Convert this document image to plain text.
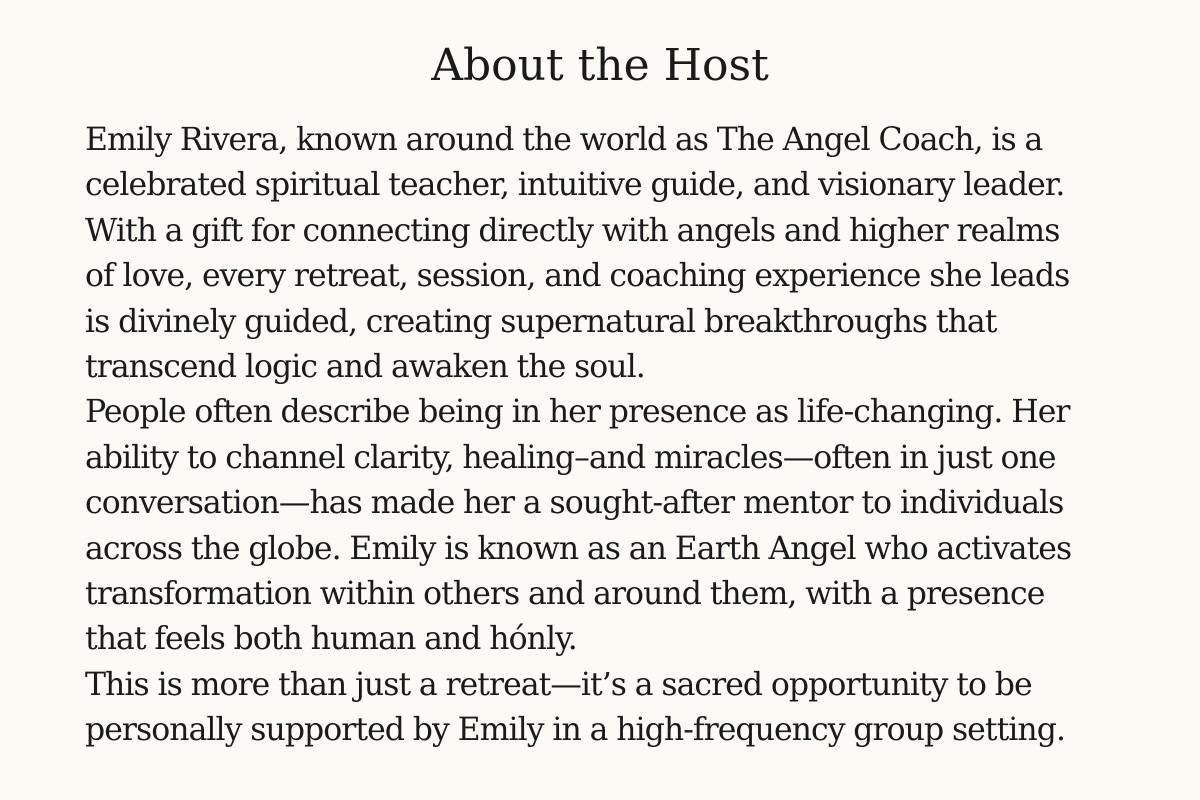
About the Host

Emily Rivera, known around the world as The Angel Coach, is a
celebrated spiritual teacher, intuitive guide, and visionary leader.
With a gift for connecting directly with angels and higher realms
of love, every retreat, session, and coaching experience she leads
is divinely guided, creating supernatural breakthroughs that
transcend logic and awaken the soul.

People often describe being in her presence as life-changing. Her
ability to channel clarity, healing–and miracles—often in just one
conversation—has made her a sought-after mentor to individuals
across the globe. Emily is known as an Earth Angel who activates
transformation within others and around them, with a presence
that feels both human and hónly.

This is more than just a retreat—it’s a sacred opportunity to be
personally supported by Emily in a high-frequency group setting.
